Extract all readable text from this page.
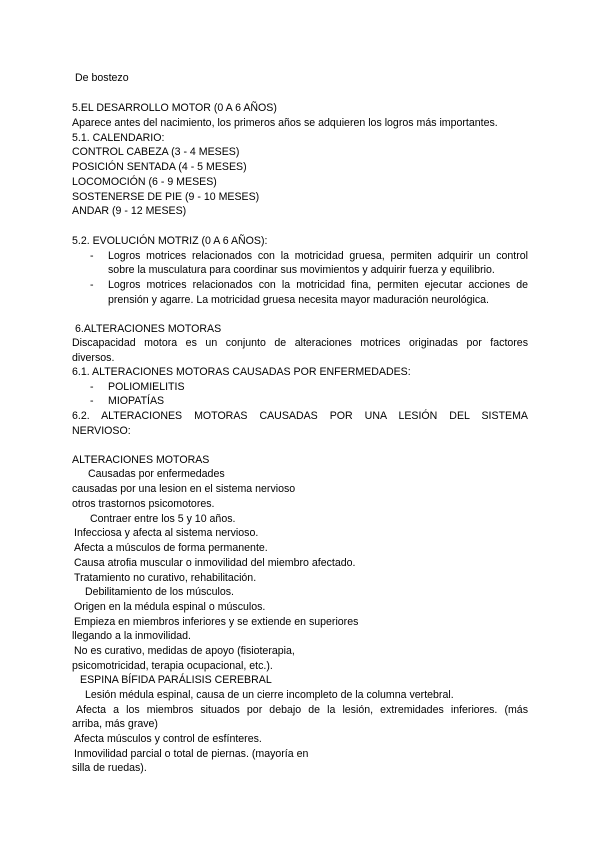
De bostezo

5.EL DESARROLLO MOTOR (0 A 6 AÑOS)

Aparece antes del nacimiento, los primeros años se adquieren los logros más importantes.

5.1. CALENDARIO:

CONTROL CABEZA (3 - 4 MESES)

POSICIÓN SENTADA (4 - 5 MESES)

LOCOMOCIÓN (6 - 9 MESES)

SOSTENERSE DE PIE (9 - 10 MESES)

ANDAR (9 - 12 MESES)

5.2. EVOLUCIÓN MOTRIZ (0 A 6 AÑOS):

- Logros motrices relacionados con la motricidad gruesa, permiten adquirir un control

sobre la musculatura para coordinar sus movimientos y adquirir fuerza y equilibrio.

- Logros motrices relacionados con la motricidad fina, permiten ejecutar acciones de

prensión y agarre. La motricidad gruesa necesita mayor maduración neurológica.

6.ALTERACIONES MOTORAS

Discapacidad motora es un conjunto de alteraciones motrices originadas por factores

diversos.

6.1. ALTERACIONES MOTORAS CAUSADAS POR ENFERMEDADES:

- POLIOMIELITIS

- MIOPATÍAS

6.2. ALTERACIONES MOTORAS CAUSADAS POR UNA LESIÓN DEL SISTEMA

NERVIOSO:

ALTERACIONES MOTORAS

Causadas por enfermedades

causadas por una lesion en el sistema nervioso

otros trastornos psicomotores.

Contraer entre los 5 y 10 años.

Infecciosa y afecta al sistema nervioso.

Afecta a músculos de forma permanente.

Causa atrofia muscular o inmovilidad del miembro afectado.

Tratamiento no curativo, rehabilitación.

Debilitamiento de los músculos.

Origen en la médula espinal o músculos.

Empieza en miembros inferiores y se extiende en superiores

llegando a la inmovilidad.

No es curativo, medidas de apoyo (fisioterapia,

psicomotricidad, terapia ocupacional, etc.).

ESPINA BÍFIDA PARÁLISIS CEREBRAL

Lesión médula espinal, causa de un cierre incompleto de la columna vertebral.

Afecta a los miembros situados por debajo de la lesión, extremidades inferiores. (más

arriba, más grave)

Afecta músculos y control de esfínteres.

Inmovilidad parcial o total de piernas. (mayoría en

silla de ruedas).
